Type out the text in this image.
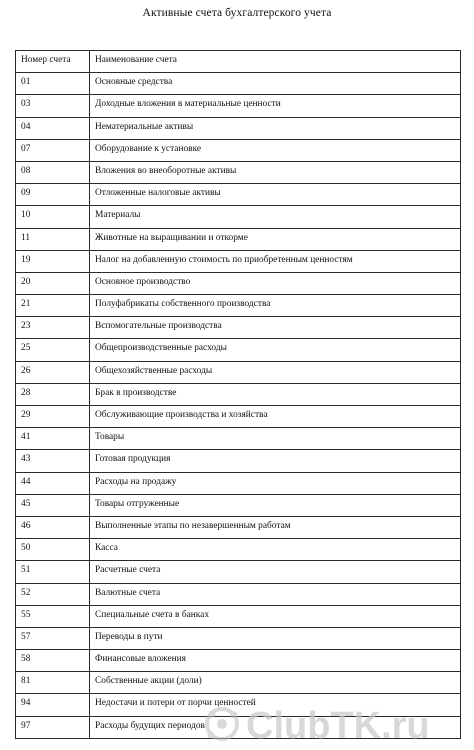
Активные счета бухгалтерского учета
Номер счета	Наименование счета

01	Основные средства

03	Доходные вложения в материальные ценности

04	Нематериальные активы

07	Оборудование к установке

08	Вложения во внеоборотные активы

09	Отложенные налоговые активы

10	Материалы

11	Животные на выращивании и откорме

19	Налог на добавленную стоимость по приобретенным ценностям

20	Основное производство

21	Полуфабрикаты собственного производства

23	Вспомогательные производства

25	Общепроизводственные расходы

26	Общехозяйственные расходы

28	Брак в производстве

29	Обслуживающие производства и хозяйства

41	Товары

43	Готовая продукция

44	Расходы на продажу

45	Товары отгруженные

46	Выполненные этапы по незавершенным работам

50	Касса

51	Расчетные счета

52	Валютные счета

55	Специальные счета в банках

57	Переводы в пути

58	Финансовые вложения

81	Собственные акции (доли)

94	Недостачи и потери от порчи ценностей

97	Расходы будущих периодов	ClubTK.ru
